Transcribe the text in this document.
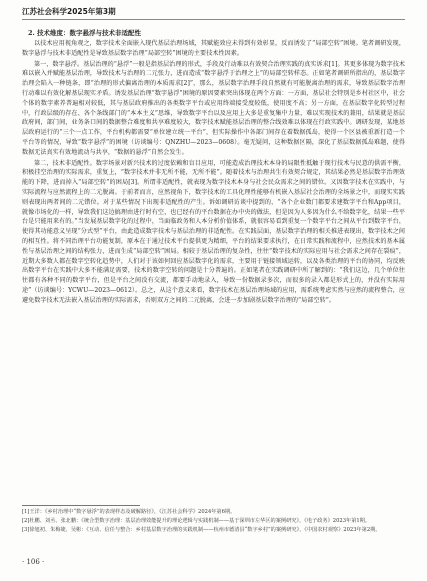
江苏社会科学2025年第3期
2. 技术维度：数字悬浮与技术非适配性

以技术应用视角观之，数字技术全面嵌入现代基层治理场域，其赋能效应未得到有效彰显，反而诱发了“局部空转”困境。笔者调研发现，数字悬浮与技术非适配性是导致基层数字治理“局部空转”困境的主要技术性因素。

第一，数字悬浮。基层治理的“悬浮”一般是指基层治理的形式，手段及行动难以有效契合治理实践的真实诉求[1]。其更多体现为数字技术难以嵌入并赋能基层治理，导致技术与治理的二元张力，进而造成“数字悬浮于治理之上”的局部空转样态。正如笔者调研所指出的，基层数字治理会陷入一种链条，即“治理的形式偏离治理的本质需求[2]”，那么，基层数字治理手段自然就有可能脱离治理的需求，导致基层数字治理行动难以有效化解基层现实矛盾。诱发基层治理“数字悬浮”困境的原因要素突出体现在两个方面：一方面，基层社会特别是乡村社区中，社会个体的数字素养普遍相对较低，其与基层政府推出的各类数字平台或应用终端接受度较低，使用度不高；另一方面，在基层数字化转型过程中，行政层级的存在、各个条线部门的“本本主义”思维，导致数字平台以及应用上大多是重复集中力量，难以实现技术的兼用，结果就是基层政府间，部门间，业务条口间的数据整合难度和共享难度较大，数字技术赋能基层治理的整合线效难以体现在行政实践中。调研发现，某地基层政府运行的“三个一点工作，平台机构都需要“单位建立统一平台”，但实际操作中各部门间存在着数据孤岛，使得一个区县被重新打造一个平台等的情况，导致“数字悬浮”的困境（访谈编号：QNZHU—2023—0608）。毫无疑问，这种数据区隔，深化了基层数据孤岛难题，使得数据无法真实有效地流动与共享，“数据的悬浮”自然会发生。

第二，技术非适配性。数字场景对新兴技术的过度依赖和盲目应用，可能造成治理技术本身的局限性抵触于现行技术与民意的供需平衡，积极挂空治理的实际需求，重复上，“数字技术并非无所不能，无所不能”。随着技术与治理共生有效契合规定，其结果必然是基层数字治理效能的下降，进而掉入“局部空转”的困局[3]。所谓非适配性，就表现为数字技术本身与社会民众需求之间的错位。又因数字技术在实践中，与实际流程与应然流程上的二元脱离。于前者而言，应然视角下，数字技术的工具化理性能够有机嵌入基层社会治理的全场景之中，而现实实践则表现出两者间的二元错位。对于某些情况下出现非适配性的产生。诉如调研访谈中提到的，“各个企业数门都要求建数字平台和App项目，就像市场化的一样，导致我们这边搞理由进行时有空，也已经有的平台数据在办中央的做法，但是因为人多因为什么不给数字化，结果一些平台是只能用来有的。”当发展基层数字化的过程中，当面临政务和人本分析价值体系，就很容易看到重复一个数字平台之间从平台到数字平台，使得其功能意义呈现“分式型”平台，由此造成数字技术与基层治理的非适配性。在实践层面，基层数字治理的相关推进表现出，数字技术之间的相互性。将不同治理平台功能复制，原本在于通过技术平台提供更为精细，平台的结果要求执行，在日常实践和流程中，应然技术的基本属性与基层治理之间的结构张力，进而生成“局部空转”困局。相较于基层治理的复杂性，往往“数字技术的实际应用与社会需求之间存在裂痕”，近期大多数人都在数字空转化趋势中，人们对于该如何回应基层数字化的需求，主要用于链接领域运转，以及各类治理的平台的协同，均反映出数字平台在实践中大多不能满足需要，技术的数字空转的问题是十分普遍的。正如笔者在实践调研中所了解到的：“我们这边，几个单位往往都有各种不同的数字平台，但是平台之间没有交流，都要手动地录入，导致一份数据录多次，而很多的录入都是形式上的，并没有实际用途”（访谈编号：YCWU—2023—0612）。总之，从这个意义来看，数字技术在基层治理场域的应用，需系统考虑实然与应然的流程整合，应避免数字技术无法嵌入基层治理的实际需求，否则双方之间的二元脱离，会进一步加剧基层数字治理的“局部空转”。

[1]王洋：《乡村治理中“数字悬浮”的表现样态及破解路径》，《江苏社会科学》2024年第6期。

[2]杜鹏、刘丞、张北鹏：《统合型数字治理：基层治理效能提升的理论逻辑与实践机制——基于深圳市左华区的案例研究》，《电子政务》2023年第1期。

[3]徐旭初、朱梅婕、吴彬：《互动、信任与整合：乡村基层数字治理的实践机制——杭州市德清县“数字乡村”的案例研究》，《中国农村观察》2023年第2期。

· 106 ·
